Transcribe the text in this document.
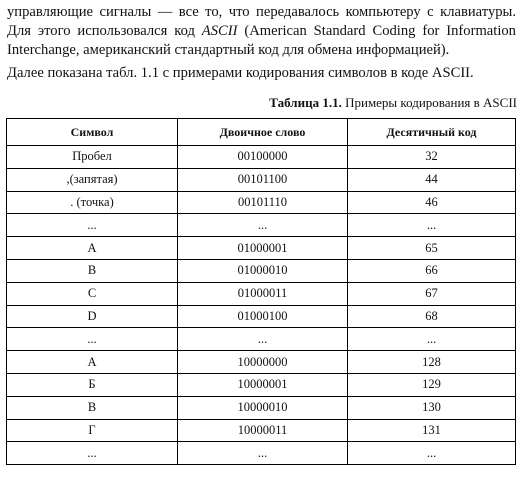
управляющие сигналы — все то, что передавалось компьютеру с клавиатуры.
Для этого использовался код ASCII (American Standard Coding for Information
Interchange, американский стандартный код для обмена информацией).
Далее показана табл. 1.1 с примерами кодирования символов в коде ASCII.
Таблица 1.1. Примеры кодирования в ASCII
Символ	Двоичное слово	Десятичный код
Пробел	00100000	32
,(запятая)	00101100	44
. (точка)	00101110	46
...	...	...
A	01000001	65
B	01000010	66
C	01000011	67
D	01000100	68
...	...	...
А	10000000	128
Б	10000001	129
В	10000010	130
Г	10000011	131
...	...	...
